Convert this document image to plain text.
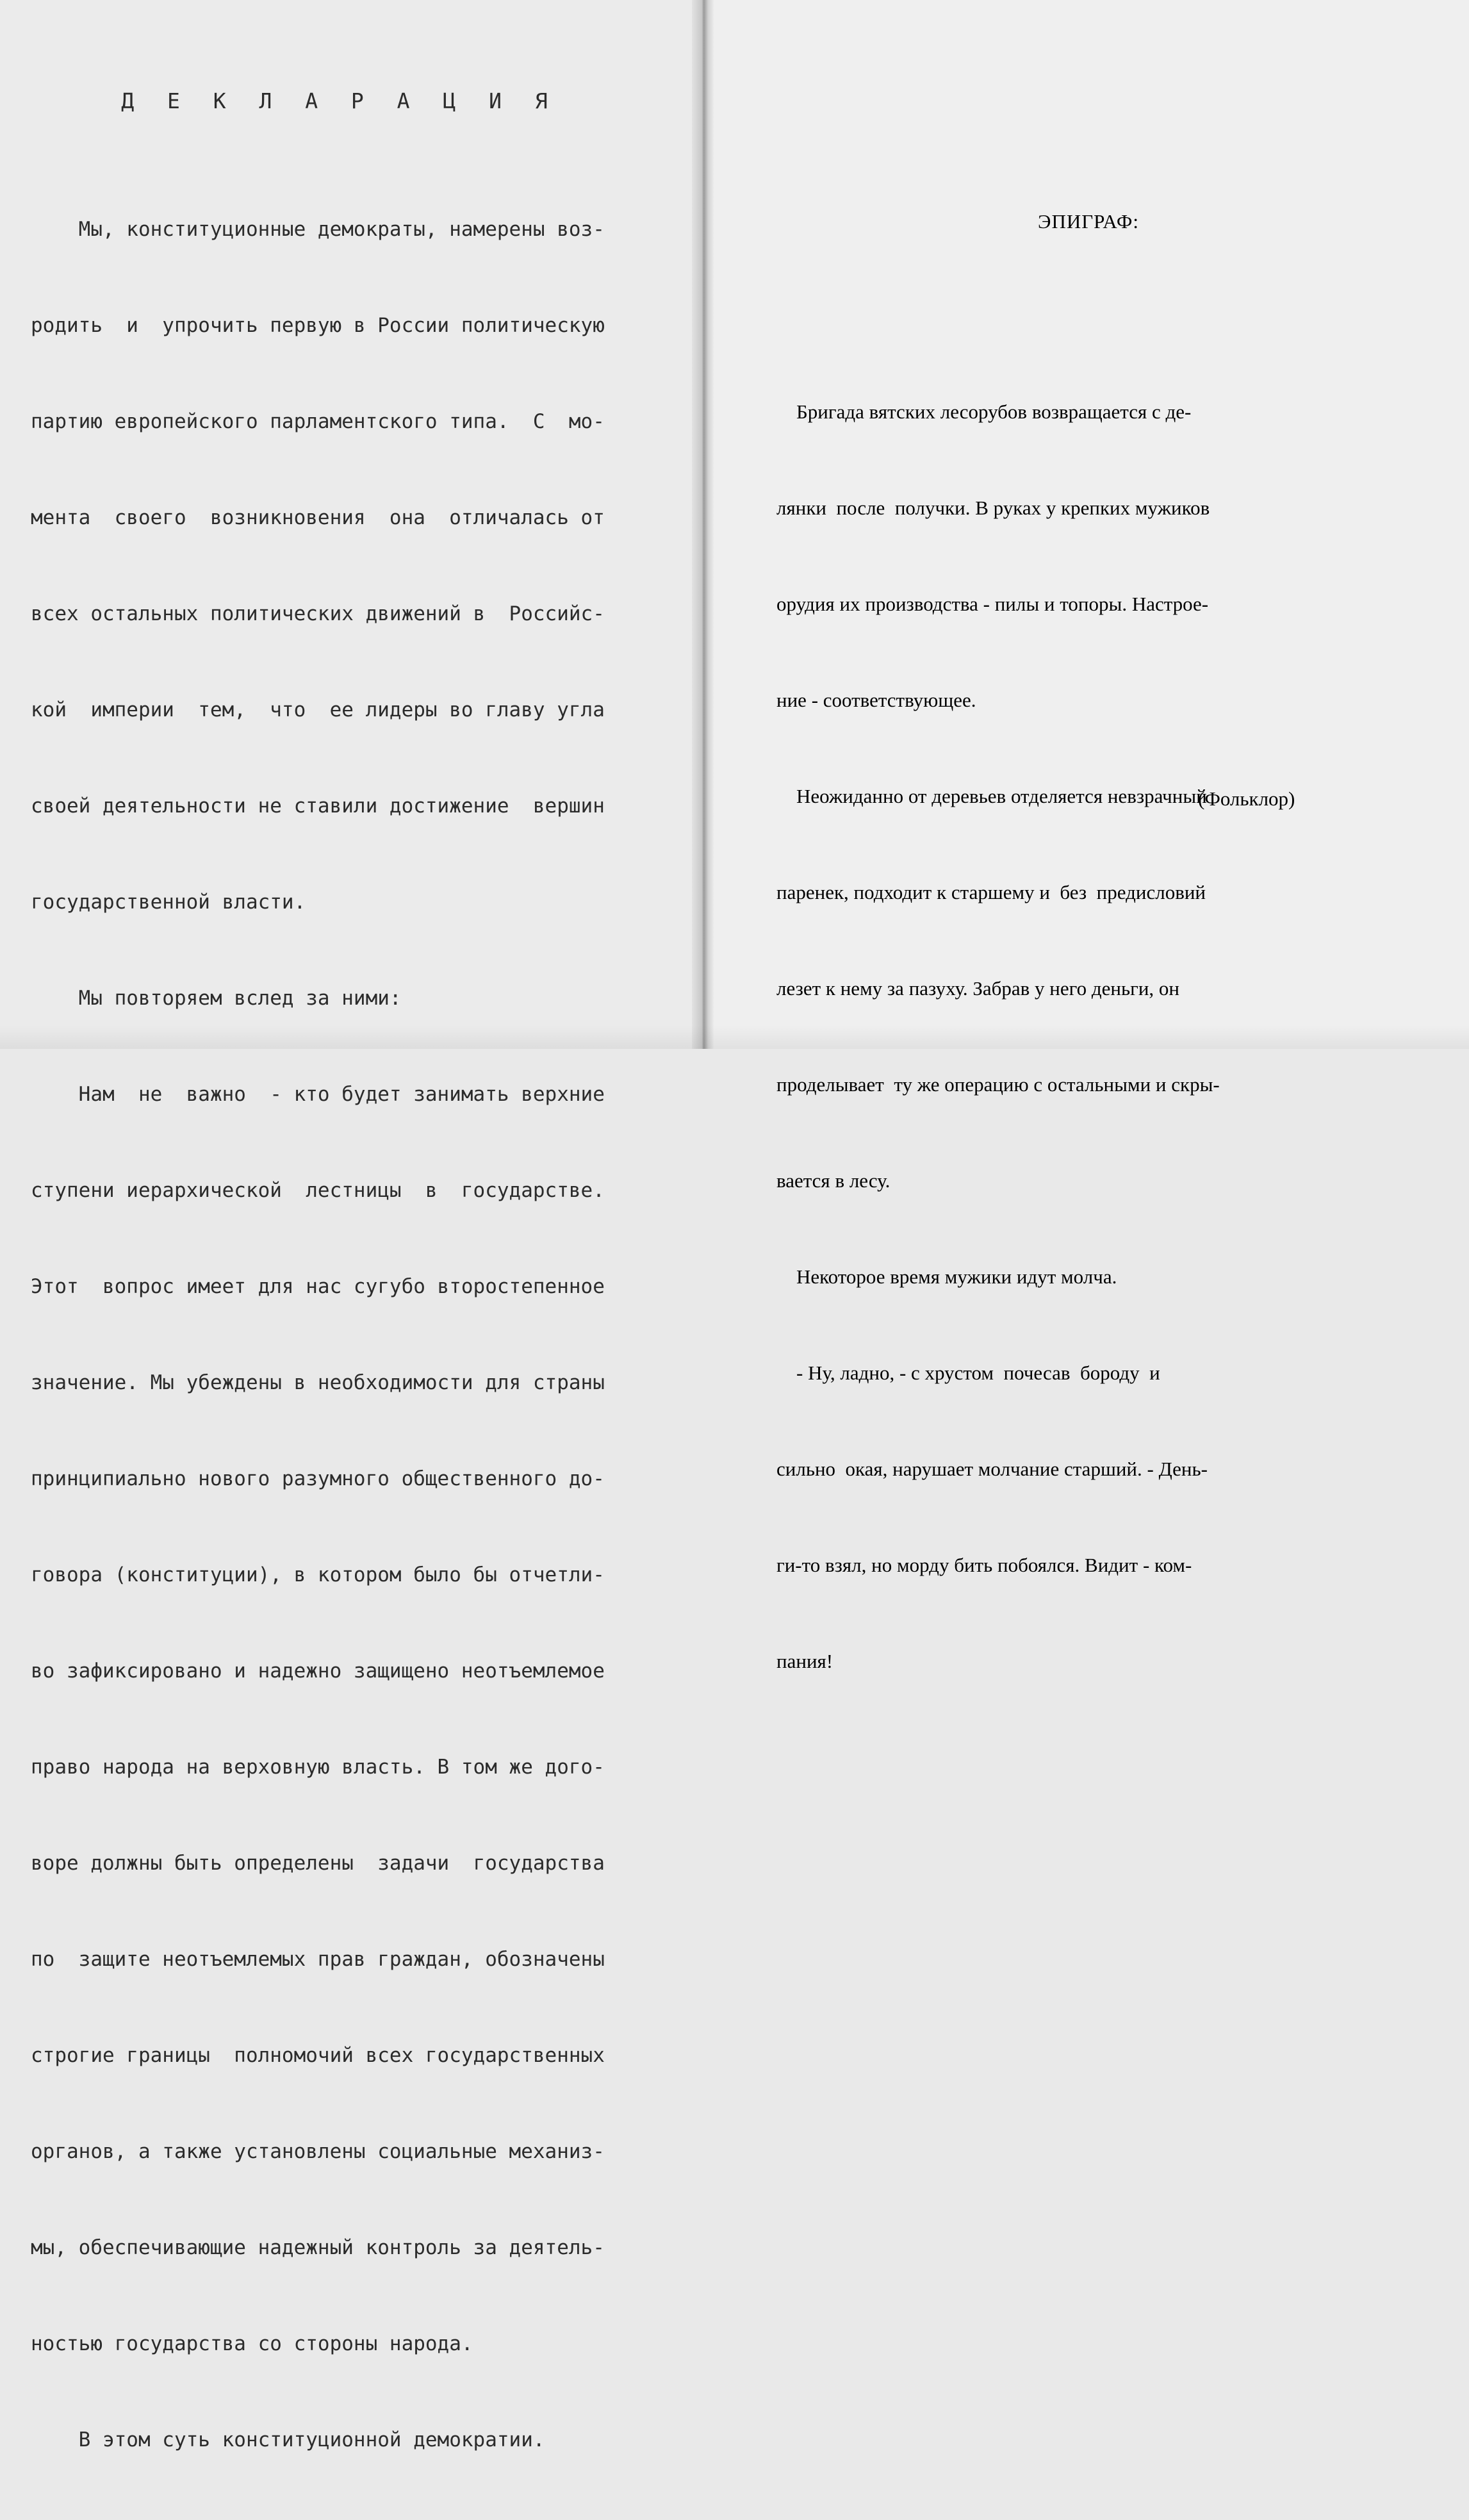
Д Е К Л А Р А Ц И Я

Мы, конституционные демократы, намерены воз-

родить  и  упрочить первую в России политическую

партию европейского парламентского типа.  С  мо-

мента  своего  возникновения  она  отличалась от

всех остальных политических движений в  Российс-

кой  империи  тем,  что  ее лидеры во главу угла

своей деятельности не ставили достижение  вершин

государственной власти.

Мы повторяем вслед за ними:

Нам  не  важно  - кто будет занимать верхние

ступени иерархической  лестницы  в  государстве.

Этот  вопрос имеет для нас сугубо второстепенное

значение. Мы убеждены в необходимости для страны

принципиально нового разумного общественного до-

говора (конституции), в котором было бы отчетли-

во зафиксировано и надежно защищено неотъемлемое

право народа на верховную власть. В том же дого-

воре должны быть определены  задачи  государства

по  защите неотъемлемых прав граждан, обозначены

строгие границы  полномочий всех государственных

органов, а также установлены социальные механиз-

мы, обеспечивающие надежный контроль за деятель-

ностью государства со стороны народа.

В этом суть конституционной демократии.

ЭПИГРАФ:

Бригада вятских лесорубов возвращается с де-

лянки  после  получки. В руках у крепких мужиков

орудия их производства - пилы и топоры. Настрое-

ние - соответствующее.

Неожиданно от деревьев отделяется невзрачный

паренек, подходит к старшему и  без  предисловий

лезет к нему за пазуху. Забрав у него деньги, он

проделывает  ту же операцию с остальными и скры-

вается в лесу.

Некоторое время мужики идут молча.

- Ну, ладно, - с хрустом  почесав  бороду  и

сильно  окая, нарушает молчание старший. - День-

ги-то взял, но морду бить побоялся. Видит - ком-

пания!

(Фольклор)
